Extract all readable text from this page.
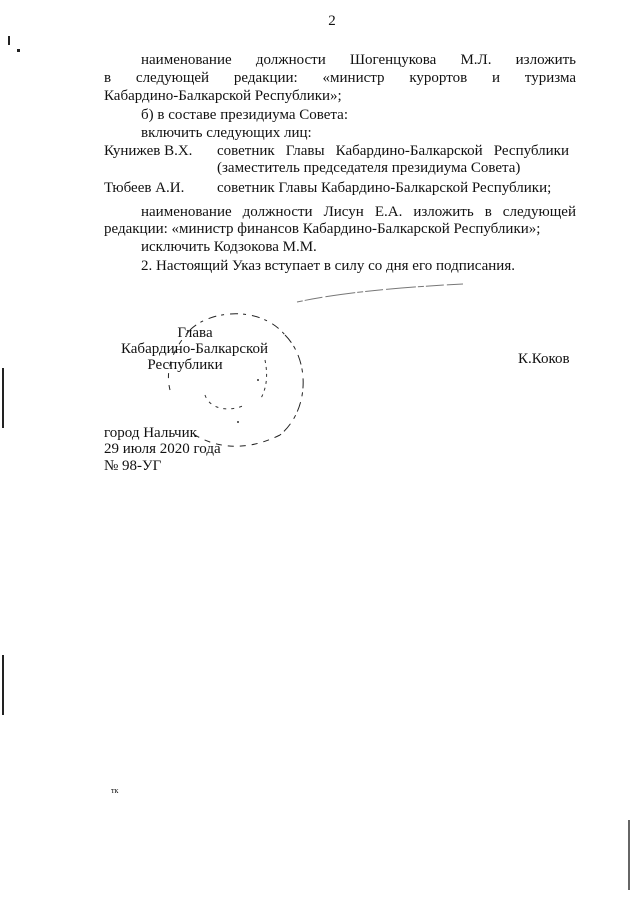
2
наименование должности Шогенцукова М.Л. изложить
в следующей редакции: «министр курортов и туризма
Кабардино-Балкарской Республики»;
б) в составе президиума Совета:
включить следующих лиц:
Кунижев В.Х. советник Главы Кабардино-Балкарской Республики
(заместитель председателя президиума Совета)
Тюбеев А.И. советник Главы Кабардино-Балкарской Республики;
наименование должности Лисун Е.А. изложить в следующей
редакции: «министр финансов Кабардино-Балкарской Республики»;
исключить Кодзокова М.М.
2. Настоящий Указ вступает в силу со дня его подписания.
Глава
Кабардино-Балкарской
Республики	К.Коков
город Нальчик
29 июля 2020 года
№ 98-УГ
тк
